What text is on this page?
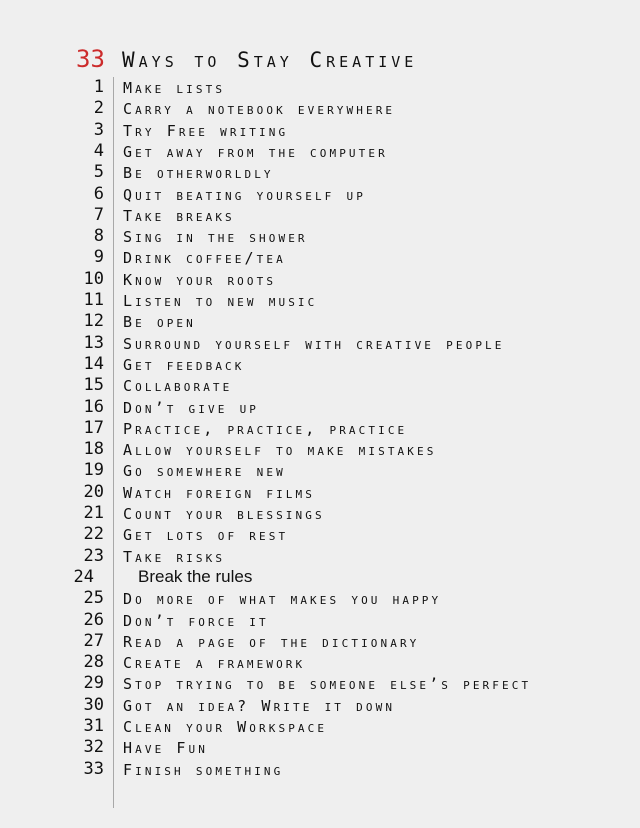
33 Ways to Stay Creative
1 Make lists
2 Carry a notebook everywhere
3 Try Free writing
4 Get away from the computer
5 Be otherworldly
6 Quit beating yourself up
7 Take breaks
8 Sing in the shower
9 Drink coffee/tea
10 Know your roots
11 Listen to new music
12 Be open
13 Surround yourself with creative people
14 Get feedback
15 Collaborate
16 Don’t give up
17 Practice, practice, practice
18 Allow yourself to make mistakes
19 Go somewhere new
20 Watch foreign films
21 Count your blessings
22 Get lots of rest
23 Take risks
24	Break the rules
25 Do more of what makes you happy
26 Don’t force it
27 Read a page of the dictionary
28 Create a framework
29 Stop trying to be someone else’s perfect
30 Got an idea? Write it down
31 Clean your Workspace
32 Have Fun
33 Finish something
